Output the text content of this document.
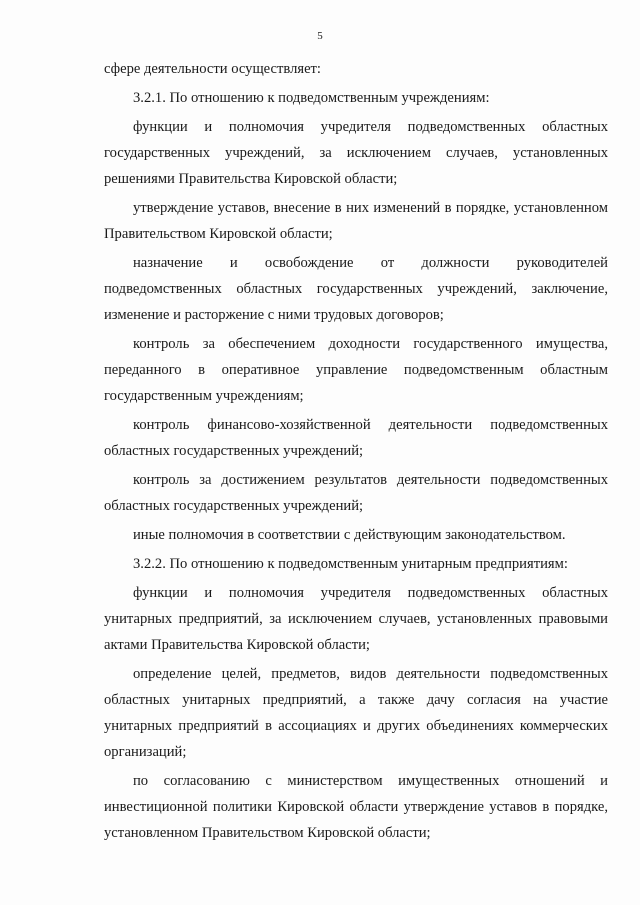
5

сфере деятельности осуществляет:

3.2.1. По отношению к подведомственным учреждениям:

функции и полномочия учредителя подведомственных областных государственных учреждений, за исключением случаев, установленных решениями Правительства Кировской области;

утверждение уставов, внесение в них изменений в порядке, установленном Правительством Кировской области;

назначение и освобождение от должности руководителей подведомственных областных государственных учреждений, заключение, изменение и расторжение с ними трудовых договоров;

контроль за обеспечением доходности государственного имущества, переданного в оперативное управление подведомственным областным государственным учреждениям;

контроль финансово-хозяйственной деятельности подведомственных областных государственных учреждений;

контроль за достижением результатов деятельности подведомственных областных государственных учреждений;

иные полномочия в соответствии с действующим законодательством.

3.2.2. По отношению к подведомственным унитарным предприятиям:

функции и полномочия учредителя подведомственных областных унитарных предприятий, за исключением случаев, установленных правовыми актами Правительства Кировской области;

определение целей, предметов, видов деятельности подведомственных областных унитарных предприятий, а также дачу согласия на участие унитарных предприятий в ассоциациях и других объединениях коммерческих организаций;

по согласованию с министерством имущественных отношений и инвестиционной политики Кировской области утверждение уставов в порядке, установленном Правительством Кировской области;
